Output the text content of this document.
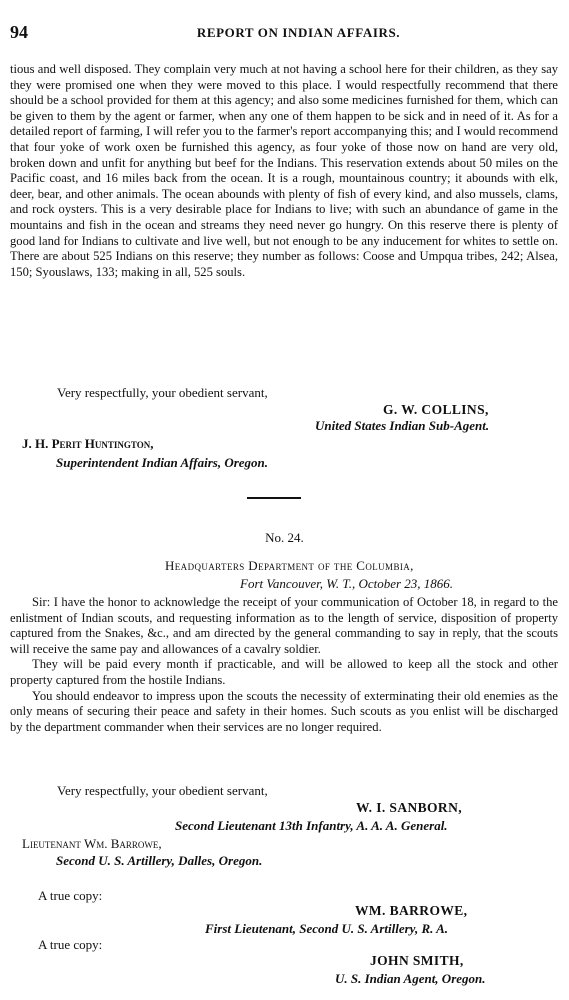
94	REPORT ON INDIAN AFFAIRS.

tious and well disposed. They complain very much at not having a school here for their children, as they say they were promised one when they were moved to this place. I would respectfully recommend that there should be a school provided for them at this agency; and also some medicines furnished for them, which can be given to them by the agent or farmer, when any one of them happen to be sick and in need of it. As for a detailed report of farming, I will refer you to the farmer's report accompanying this; and I would recommend that four yoke of work oxen be furnished this agency, as four yoke of those now on hand are very old, broken down and unfit for anything but beef for the Indians. This reservation extends about 50 miles on the Pacific coast, and 16 miles back from the ocean. It is a rough, mountainous country; it abounds with elk, deer, bear, and other animals. The ocean abounds with plenty of fish of every kind, and also mussels, clams, and rock oysters. This is a very desirable place for Indians to live; with such an abundance of game in the mountains and fish in the ocean and streams they need never go hungry. On this reserve there is plenty of good land for Indians to cultivate and live well, but not enough to be any inducement for whites to settle on. There are about 525 Indians on this reserve; they number as follows: Coose and Umpqua tribes, 242; Alsea, 150; Syouslaws, 133; making in all, 525 souls.

Very respectfully, your obedient servant,
G. W. COLLINS,
United States Indian Sub-Agent.
J. H. Perit Huntington,
Superintendent Indian Affairs, Oregon.
No. 24.
Headquarters Department of the Columbia,
Fort Vancouver, W. T., October 23, 1866.

Sir: I have the honor to acknowledge the receipt of your communication of October 18, in regard to the enlistment of Indian scouts, and requesting information as to the length of service, disposition of property captured from the Snakes, &c., and am directed by the general commanding to say in reply, that the scouts will receive the same pay and allowances of a cavalry soldier.

They will be paid every month if practicable, and will be allowed to keep all the stock and other property captured from the hostile Indians.

You should endeavor to impress upon the scouts the necessity of exterminating their old enemies as the only means of securing their peace and safety in their homes. Such scouts as you enlist will be discharged by the department commander when their services are no longer required.

Very respectfully, your obedient servant,
W. I. SANBORN,
Second Lieutenant 13th Infantry, A. A. A. General.
Lieutenant Wm. Barrowe,
Second U. S. Artillery, Dalles, Oregon.
A true copy:
WM. BARROWE,
First Lieutenant, Second U. S. Artillery, R. A.
A true copy:
JOHN SMITH,
U. S. Indian Agent, Oregon.
